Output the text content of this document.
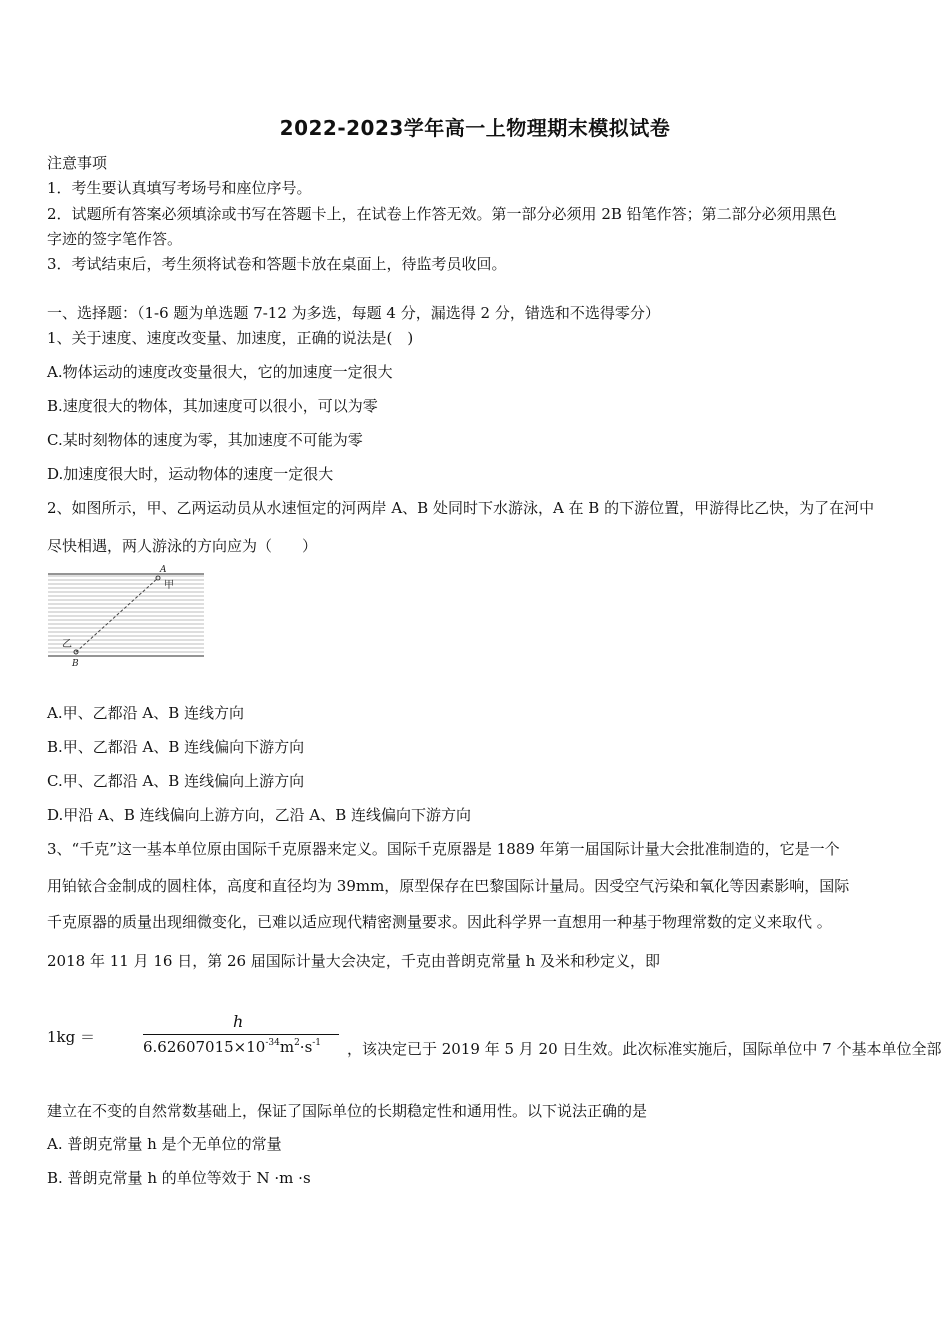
2022-2023学年高一上物理期末模拟试卷
注意事项
1．考生要认真填写考场号和座位序号。
2．试题所有答案必须填涂或书写在答题卡上，在试卷上作答无效。第一部分必须用 2B 铅笔作答；第二部分必须用黑色
字迹的签字笔作答。
3．考试结束后，考生须将试卷和答题卡放在桌面上，待监考员收回。
一、选择题：（1-6 题为单选题 7-12 为多选，每题 4 分，漏选得 2 分，错选和不选得零分）
1、关于速度、速度改变量、加速度，正确的说法是(　)
A.物体运动的速度改变量很大，它的加速度一定很大
B.速度很大的物体，其加速度可以很小，可以为零
C.某时刻物体的速度为零，其加速度不可能为零
D.加速度很大时，运动物体的速度一定很大
2、如图所示，甲、乙两运动员从水速恒定的河两岸 A、B 处同时下水游泳，A 在 B 的下游位置，甲游得比乙快，为了在河中
尽快相遇，两人游泳的方向应为（　　）
A
甲
乙
B
A.甲、乙都沿 A、B 连线方向
B.甲、乙都沿 A、B 连线偏向下游方向
C.甲、乙都沿 A、B 连线偏向上游方向
D.甲沿 A、B 连线偏向上游方向，乙沿 A、B 连线偏向下游方向
3、“千克”这一基本单位原由国际千克原器来定义。国际千克原器是 1889 年第一届国际计量大会批准制造的，它是一个
用铂铱合金制成的圆柱体，高度和直径均为 39mm，原型保存在巴黎国际计量局。因受空气污染和氧化等因素影响，国际
千克原器的质量出现细微变化，已难以适应现代精密测量要求。因此科学界一直想用一种基于物理常数的定义来取代 。
2018 年 11 月 16 日，第 26 届国际计量大会决定，千克由普朗克常量 h 及米和秒定义，即
1kg ＝
h
$6.62607015\times 10^{-34}m^2\cdot s^{-1}$ ，该决定已于 2019 年 5 月 20 日生效。此次标准实施后，国际单位中 7 个基本单位全部
建立在不变的自然常数基础上，保证了国际单位的长期稳定性和通用性。以下说法正确的是
A. 普朗克常量 h 是个无单位的常量
B. 普朗克常量 h 的单位等效于 N ·m ·s
